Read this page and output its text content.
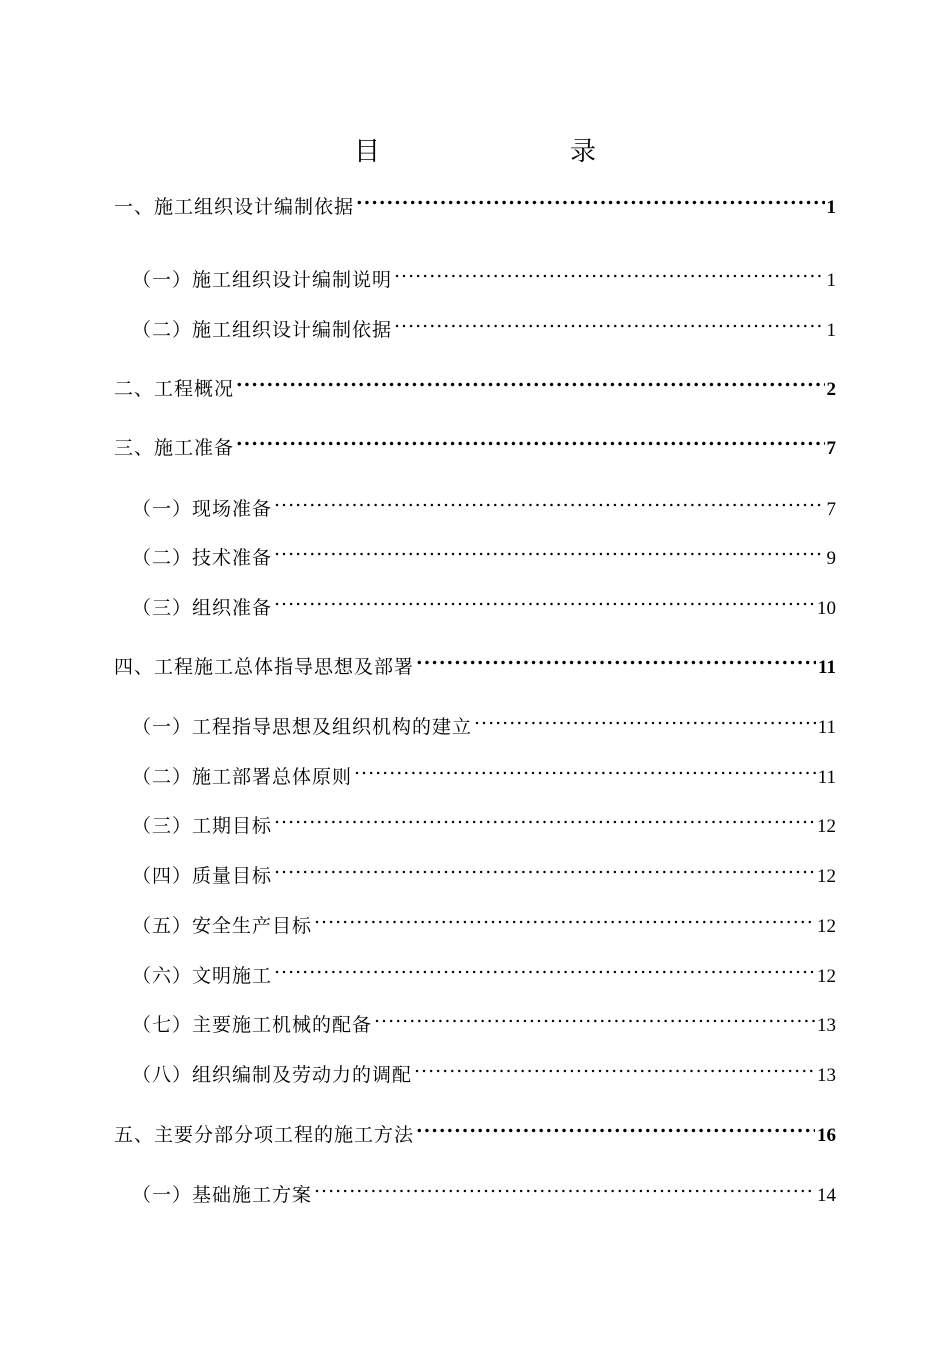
目　　录
一、施工组织设计编制依据 .....	1
（一）施工组织设计编制说明 .....	1
（二）施工组织设计编制依据 .....	1
二、工程概况 .....	2
三、施工准备 .....	7
（一）现场准备 .....	7
（二）技术准备 .....	9
（三）组织准备 .....	10
四、工程施工总体指导思想及部署 .....	11
（一）工程指导思想及组织机构的建立 .....	11
（二）施工部署总体原则 .....	11
（三）工期目标 .....	12
（四）质量目标 .....	12
（五）安全生产目标 .....	12
（六）文明施工 .....	12
（七）主要施工机械的配备 .....	13
（八）组织编制及劳动力的调配 .....	13
五、主要分部分项工程的施工方法 .....	16
（一）基础施工方案 .....	14
